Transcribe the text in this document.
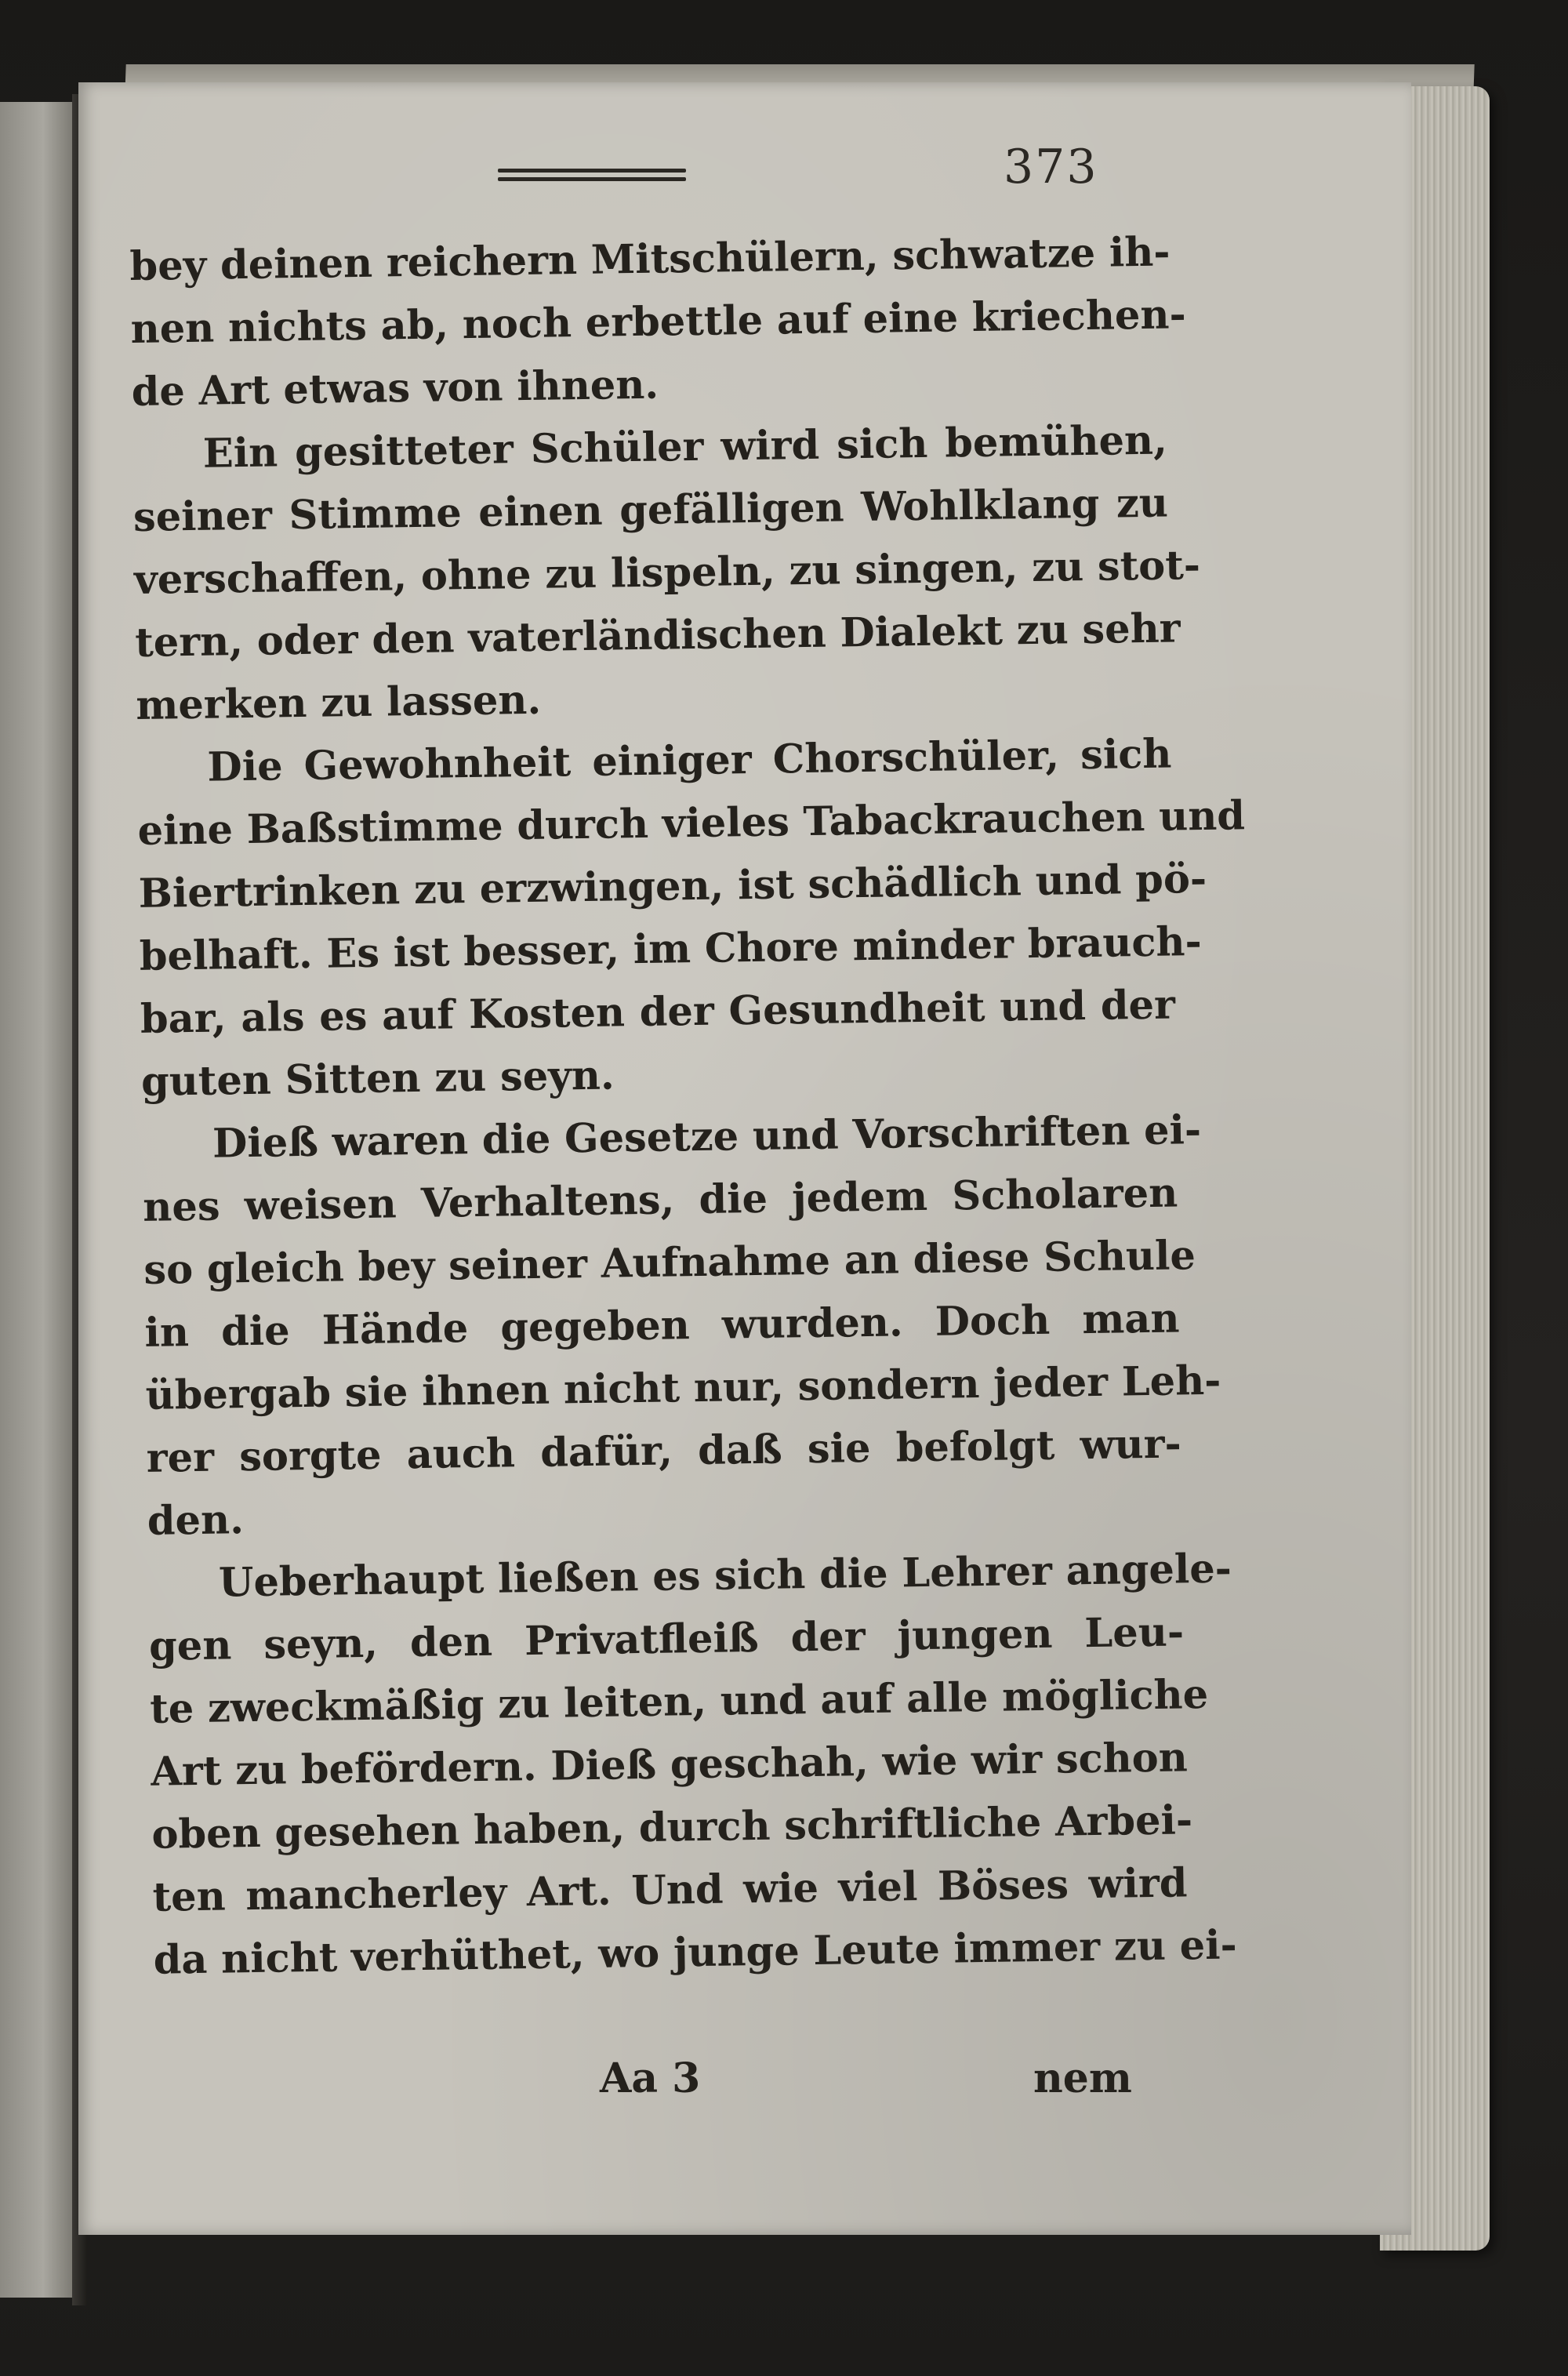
373
bey deinen reichern Mitschülern, schwatze ih-
nen nichts ab, noch erbettle auf eine kriechen-
de Art etwas von ihnen.
Ein gesitteter Schüler wird sich bemühen,
seiner Stimme einen gefälligen Wohlklang zu
verschaffen, ohne zu lispeln, zu singen, zu stot-
tern, oder den vaterländischen Dialekt zu sehr
merken zu lassen.
Die Gewohnheit einiger Chorschüler, sich
eine Baßstimme durch vieles Tabackrauchen und
Biertrinken zu erzwingen, ist schädlich und pö-
belhaft. Es ist besser, im Chore minder brauch-
bar, als es auf Kosten der Gesundheit und der
guten Sitten zu seyn.
Dieß waren die Gesetze und Vorschriften ei-
nes weisen Verhaltens, die jedem Scholaren
so gleich bey seiner Aufnahme an diese Schule
in die Hände gegeben wurden. Doch man
übergab sie ihnen nicht nur, sondern jeder Leh-
rer sorgte auch dafür, daß sie befolgt wur-
den.
Ueberhaupt ließen es sich die Lehrer angele-
gen seyn, den Privatfleiß der jungen Leu-
te zweckmäßig zu leiten, und auf alle mögliche
Art zu befördern. Dieß geschah, wie wir schon
oben gesehen haben, durch schriftliche Arbei-
ten mancherley Art. Und wie viel Böses wird
da nicht verhüthet, wo junge Leute immer zu ei-
Aa 3	nem
